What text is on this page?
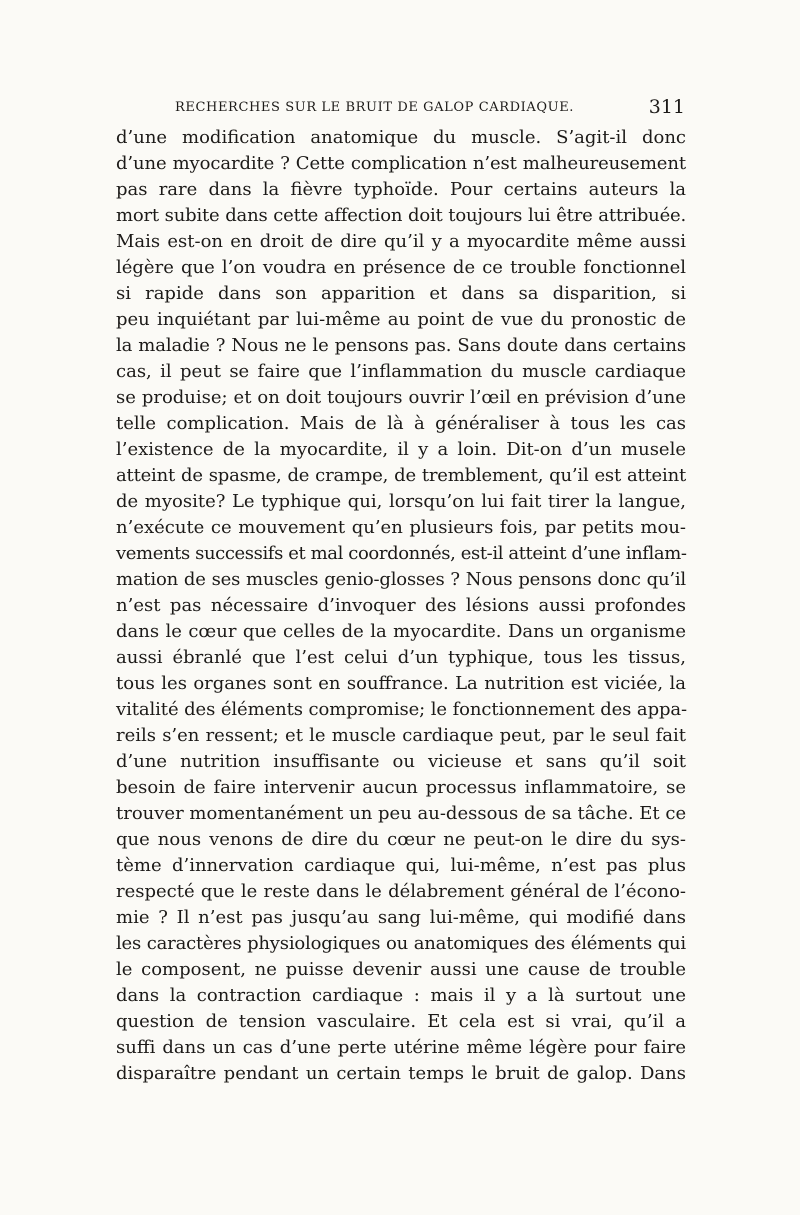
RECHERCHES SUR LE BRUIT DE GALOP CARDIAQUE.	311
d’une modification anatomique du muscle. S’agit-il donc
d’une myocardite ? Cette complication n’est malheureusement
pas rare dans la fièvre typhoïde. Pour certains auteurs la
mort subite dans cette affection doit toujours lui être attribuée.
Mais est-on en droit de dire qu’il y a myocardite même aussi
légère que l’on voudra en présence de ce trouble fonctionnel
si rapide dans son apparition et dans sa disparition, si
peu inquiétant par lui-même au point de vue du pronostic de
la maladie ? Nous ne le pensons pas. Sans doute dans certains
cas, il peut se faire que l’inflammation du muscle cardiaque
se produise; et on doit toujours ouvrir l’œil en prévision d’une
telle complication. Mais de là à généraliser à tous les cas
l’existence de la myocardite, il y a loin. Dit-on d’un musele
atteint de spasme, de crampe, de tremblement, qu’il est atteint
de myosite? Le typhique qui, lorsqu’on lui fait tirer la langue,
n’exécute ce mouvement qu’en plusieurs fois, par petits mou-
vements successifs et mal coordonnés, est-il atteint d’une inflam-
mation de ses muscles genio-glosses ? Nous pensons donc qu’il
n’est pas nécessaire d’invoquer des lésions aussi profondes
dans le cœur que celles de la myocardite. Dans un organisme
aussi ébranlé que l’est celui d’un typhique, tous les tissus,
tous les organes sont en souffrance. La nutrition est viciée, la
vitalité des éléments compromise; le fonctionnement des appa-
reils s’en ressent; et le muscle cardiaque peut, par le seul fait
d’une nutrition insuffisante ou vicieuse et sans qu’il soit
besoin de faire intervenir aucun processus inflammatoire, se
trouver momentanément un peu au-dessous de sa tâche. Et ce
que nous venons de dire du cœur ne peut-on le dire du sys-
tème d’innervation cardiaque qui, lui-même, n’est pas plus
respecté que le reste dans le délabrement général de l’écono-
mie ? Il n’est pas jusqu’au sang lui-même, qui modifié dans
les caractères physiologiques ou anatomiques des éléments qui
le composent, ne puisse devenir aussi une cause de trouble
dans la contraction cardiaque : mais il y a là surtout une
question de tension vasculaire. Et cela est si vrai, qu’il a
suffi dans un cas d’une perte utérine même légère pour faire
disparaître pendant un certain temps le bruit de galop. Dans
